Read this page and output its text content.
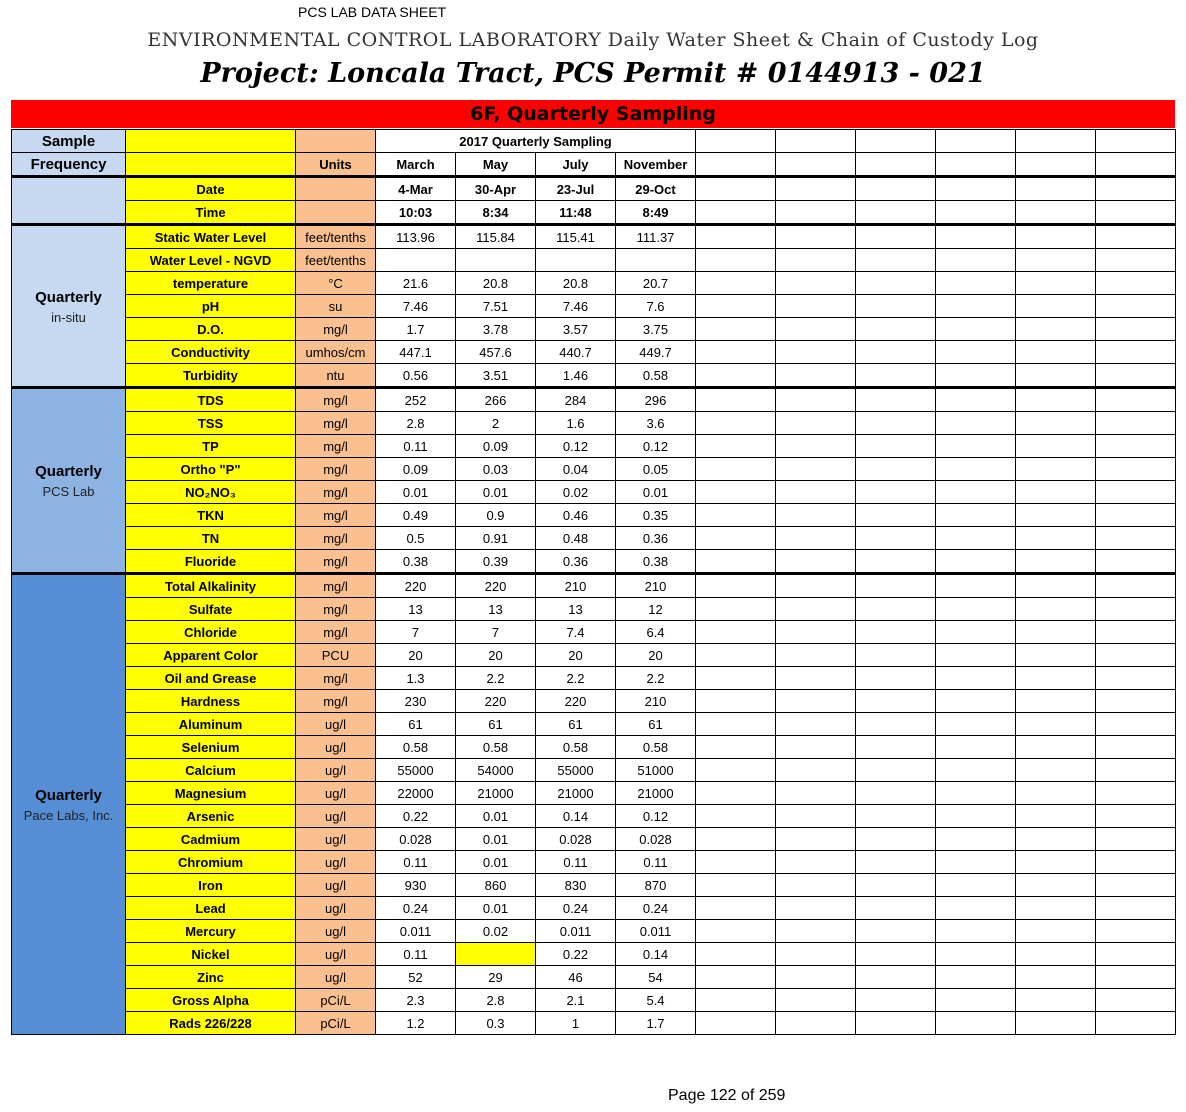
PCS LAB DATA SHEET
ENVIRONMENTAL CONTROL LABORATORY Daily Water Sheet & Chain of Custody Log
Project: Loncala Tract, PCS Permit # 0144913 - 021
6F, Quarterly Sampling
Sample			2017 Quarterly Sampling									
Frequency		Units	March	May	July	November						
	Date		4-Mar	30-Apr	23-Jul	29-Oct						
	Time		10:03	8:34	11:48	8:49						

Quarterly
in-situ	Static Water Level	feet/tenths	113.96	115.84	115.41	111.37						
	Water Level - NGVD	feet/tenths										
	temperature	°C	21.6	20.8	20.8	20.7						
	pH	su	7.46	7.51	7.46	7.6						
	D.O.	mg/l	1.7	3.78	3.57	3.75						
	Conductivity	umhos/cm	447.1	457.6	440.7	449.7						
	Turbidity	ntu	0.56	3.51	1.46	0.58						

Quarterly
PCS Lab	TDS	mg/l	252	266	284	296						
	TSS	mg/l	2.8	2	1.6	3.6						
	TP	mg/l	0.11	0.09	0.12	0.12						
	Ortho "P"	mg/l	0.09	0.03	0.04	0.05						
	NO₂NO₃	mg/l	0.01	0.01	0.02	0.01						
	TKN	mg/l	0.49	0.9	0.46	0.35						
	TN	mg/l	0.5	0.91	0.48	0.36						
	Fluoride	mg/l	0.38	0.39	0.36	0.38						

Quarterly
Pace Labs, Inc.	Total Alkalinity	mg/l	220	220	210	210						
	Sulfate	mg/l	13	13	13	12						
	Chloride	mg/l	7	7	7.4	6.4						
	Apparent Color	PCU	20	20	20	20						
	Oil and Grease	mg/l	1.3	2.2	2.2	2.2						
	Hardness	mg/l	230	220	220	210						
	Aluminum	ug/l	61	61	61	61						
	Selenium	ug/l	0.58	0.58	0.58	0.58						
	Calcium	ug/l	55000	54000	55000	51000						
	Magnesium	ug/l	22000	21000	21000	21000						
	Arsenic	ug/l	0.22	0.01	0.14	0.12						
	Cadmium	ug/l	0.028	0.01	0.028	0.028						
	Chromium	ug/l	0.11	0.01	0.11	0.11						
	Iron	ug/l	930	860	830	870						
	Lead	ug/l	0.24	0.01	0.24	0.24						
	Mercury	ug/l	0.011	0.02	0.011	0.011						
	Nickel	ug/l	0.11		0.22	0.14						
	Zinc	ug/l	52	29	46	54						
	Gross Alpha	pCi/L	2.3	2.8	2.1	5.4						
	Rads 226/228	pCi/L	1.2	0.3	1	1.7						
Page 122 of 259
